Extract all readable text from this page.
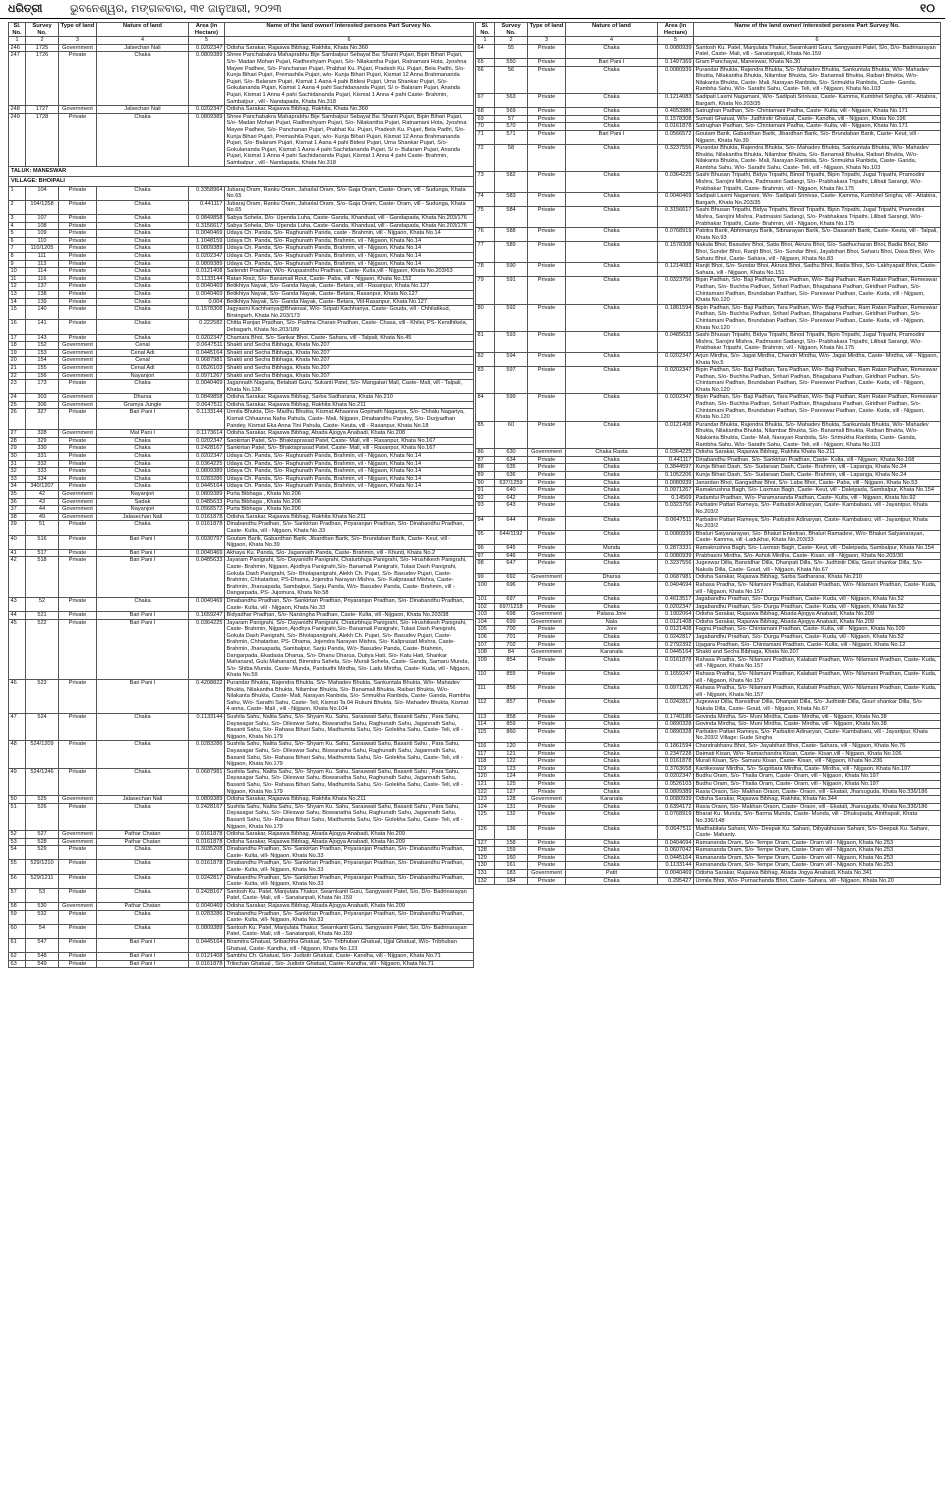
ଧରିତ୍ରୀ	ଭୁବନେଶ୍ୱର, ମଙ୍ଗଳବାର, ୩୧ ଜାନୁଆରୀ, ୨୦୨୩	୧୦
Sl. No.	Survey No.	Type of land	Nature of land	Area (in Hectare)	Name of the land owner/ interested persons Part Survey No.
1	2	3	4	5	6
246	1725	Government	Jalsechan Nali	0.0202347	Odisha Sarakar, Rajaswa Bibhag, Rakhita, Khata No.360
247	1726	Private	Chaka	0.0809389	Shree Panchabakra Mahaprabhu Bije Sambalpur Sebayat Ba: Shanti Pujari, Bipin Bihari Pujari, S/o- Madan Mohan Pujari, Radheshyam Pujari, S/o- Nilakantha Pujari, Ratnamani Hota, Jyoshna Mayee Padhee, S/o- Panchanan Pujari, Prabhat Ku. Pujari, Pradesh Ku. Pujari, Bela Padhi, S/o- Kunja Bihari Pujari, Premashila Pujari, w/o- Kunja Bihari Pujari, Kismat 12 Anna Brahmananda Pujari, S/o- Balaram Pujari, Kismat 1 Aana 4 pahi Bidesi Pujari, Uma Shankar Pujari, S/o- Gokulananda Pujari, Kismat 1 Aana 4 pahi Sachidananda Pujari, S/ o- Balaram Pujari, Ananda Pujari, Kismat 1 Anna 4 pahi Sachidananda Pujari, Kismat 1 Anna 4 pahi Caste- Brahmin, Sambalpur , vill - Nandapada, Khata No.318
248	1727	Government	Jalsechan Nali	0.0202347	Odisha Sarakar, Rajaswa Bibhag, Rakhita, Khata No.360
249	1728	Private	Chaka	0.0809389	Shree Panchabakra Mahaprabhu Bije Sambalpur Sebayat Ba: Shanti Pujari, Bipin Bihari Pujari, S/o- Madan Mohan Pujari, Radheshyam Pujari, S/o- Nilakantha Pujari, Ratnamani Hota, Jyoshna Mayee Padhee, S/o- Panchanan Pujari, Prabhat Ku. Pujari, Pradesh Ku. Pujari, Bela Padhi, S/o- Kunja Bihari Pujari, Premashila Pujari, w/o- Kunja Bihari Pujari, Kismat 12 Anna Brahmananda Pujari, S/o- Balaram Pujari, Kismat 1 Aana 4 pahi Bidesi Pujari, Uma Shankar Pujari, S/o- Gokulananda Pujari, Kismat 1 Aana 4 pahi Sachidananda Pujari, S/ o- Balaram Pujari, Ananda Pujari, Kismat 1 Anna 4 pahi Sachidananda Pujari, Kismat 1 Anna 4 pahi Caste- Brahmin, Sambalpur , vill - Nandapada, Khata No.318
TALUK: MANESWAR					
VILLAGE: BHOIPALI					
1	104	Private	Chaka	0.3358964	Jubaraj Oram, Ranku Oram, Jaharlal Oram, S/o- Gaja Oram, Caste- Oram, vill - Sudunga, Khata No.65
2	104/1258	Private	Chaka	0.441117	Jubaraj Oram, Ranku Oram, Jaharlal Oram, S/o- Gaja Oram, Caste- Oram, vill - Sudunga, Khata No.65
3	107	Private	Chaka	0.0849858	Sabya Sohela, D/o- Upenda Luha, Caste- Ganda, Khandual, vill - Gandapada, Khata No.203/176
4	108	Private	Chaka	0.3156617	Sabya Sohela, D/o- Upenda Luha, Caste- Ganda, Khandual, vill - Gandapada, Khata No.203/176
5	109	Private	Chaka	0.0040469	Udaya Ch. Panda, S/o- Raghunath Panda, caste - Brahmin, vill - Nijgaon, Khata No.14
6	110	Private	Chaka	1.1048159	Udaya Ch. Panda, S/o- Raghunath Panda, Brahmin, vil - Nijgaon, Khata No.14
7	110/1205	Private	Chaka	0.0809389	Udaya Ch. Panda, S/o- Raghunath Panda, Brahmin, vil - Nijgaon, Khata No.14
8	111	Private	Chaka	0.0202347	Udaya Ch. Panda, S/o- Raghunath Panda, Brahmin, vil - Nijgaon, Khata No.14
9	113	Private	Chaka	0.0809389	Udaya Ch. Panda, S/o- Raghunath Panda, Brahmin, vil - Nijgaon, Khata No.14
10	114	Private	Chaka	0.0121408	Sailendri Pradhan, W/o- Krupasindhu Pradhan, Caste- Kulta,vill - Nijgaon, Khata No.203/63
11	116	Private	Chaka	0.1133144	Ratan Rout, S/o- Banamali Rout, Caste- Paba, vill - Nijgaon, Khata No.152
12	137	Private	Chaka	0.0040469	Betikhiya Nayak, S/o- Ganda Nayak, Caste- Betara, vill - Rasanpur, Khata No.127
13	138	Private	Chaka	0.0040469	Betikhiya Nayak, S/o- Ganda Nayak, Caste- Betara, Rasanpur, Khata No.127
14	139	Private	Chaka	0.004	Betikhiya Nayak, S/o- Ganda Nayak, Caste- Betara, Vill-Rasanpur, Khata No.127
15	140	Private	Chaka	0.1578308	Jagyasini Kachhariya@Bhainsal, W/o- Sripati Kachhariya, Caste- Gouda, vill - Chhilatikud, Birsingarh, Khata No.203/173
16	141	Private	Chaka	0.222582	Chitta Ranjan Pradhan, S/o- Padma Charan Pradhan, Caste- Chasa, vill - Khilei, PS- Kendhikela, Debagarh, Khata No.203/189
17	143	Private	Chaka	0.0202347	Chamara Bhoi, S/o- Sankar Bhoi, Caste- Sahara, vill - Talpali, Khata No.45
18	152	Government	Cenal	0.0647511	Shakti and Secha Bibhaga, Khata No.207
19	153	Government	Cenal Adi	0.0445164	Shakti and Secha Bibhaga, Khata No.207
20	154	Government	Cenal	0.0687981	Shakti and Secha Bibhaga, Khata No.207
21	155	Government	Cenal Adi	0.0526103	Shakti and Secha Bibhaga, Khata No.207
22	156	Government	Nayanjori	0.0971267	Shakti and Secha Bibhaga, Khata No.207
23	173	Private	Chaka	0.0040469	Jagannath Nagaria, Belabati Guru, Sukanti Patel, S/o- Mangatari Mali, Caste- Mali, vill - Talpali, Khata No.136
24	303	Government	Dharsa	0.0849858	Odisha Sarakar, Rajaswa Bibhag, Sarba Sadharana, Khata No.210
25	306	Government	Gramya Jungle	0.0647511	Odisha Sarakar, Rajaswa Bibhag, Rakhita Khata No.211
26	327	Private	Bari Pani I	0.1133144	Urmila Bhukta, D/o- Madhu Bhukta, Kismat Athaanna Gopinath Nagariya, S/o- Chhalu Nagariya, Kismat Chhaanna Naha Pahula, Caste- Mali, Nijgaon, Dinabandhu Pandey, S/o- Durjyadhan Pandey, Kismat Eka Anna Tini Pahula, Caste- Keuta, vill - Rasanpur, Khata No.18
27	328	Government	Mal Pani I	0.1173614	Odisha Sarakar, Rajaswa Bibhag, Abada Ajogya Anabadi, Khata No.208
28	329	Private	Chaka	0.0202347	Sankirtan Patel, S/o- Bhaktaprasad Patel, Caste- Mali, vill - Rasanpur, Khata No.167
29	330	Private	Chaka	0.2428167	Sankirtan Patel, S/o- Bhaktaprasad Patel, Caste- Mali, vill - Rasanpur, Khata No.167
30	331	Private	Chaka	0.0202347	Udaya Ch. Panda, S/o- Raghunath Panda, Brahmin, vil - Nijgaon, Khata No.14
31	332	Private	Chaka	0.0364225	Udaya Ch. Panda, S/o- Raghunath Panda, Brahmin, vil - Nijgaon, Khata No.14
32	333	Private	Chaka	0.0809389	Udaya Ch. Panda, S/o- Raghunath Panda, Brahmin, vil - Nijgaon, Khata No.14
33	334	Private	Chaka	0.0283286	Udaya Ch. Panda, S/o- Raghunath Panda, Brahmin, vil - Nijgaon, Khata No.14
34	340/1207	Private	Chaka	0.0445164	Udaya Ch. Panda, S/o- Raghunath Panda, Brahmin, vil - Nijgaon, Khata No.14
35	42	Government	Nayanjori	0.0809389	Purta Bibhaga , Khata No.206
36	43	Government	Sadak	0.0485633	Purta Bibhaga , Khata No.206
37	44	Government	Nayanjori	0.0566572	Purta Bibhaga , Khata No.206
38	49	Government	Jalasechan Nali	0.0161878	Odisha Sarakar, Rajaswa Bibhag, Rakhita Khata No.211
39	51	Private	Chaka	0.0161878	Dinabandhu Pradhan, S/o- Sankirtan Pradhan, Priyaranjan Pradhan, S/o- Dinabandhu Pradhan, Caste- Kulta, vill - Nijgaon, Khata No.33
40	516	Private	Bari Pani I	0.0930797	Goutam Barik, Gabardhan Barik, Jibardhan Barik, S/o- Brundaban Barik, Caste- Keut, vill - Nijgaon, Khata No.39
41	517	Private	Bari Pani I	0.0040469	Akhaya Ku. Panda, S/o- Jagannath Panda, Caste- Brahmin, vill - Khunti, Khata No.2
42	518	Private	Bari Pani I	0.0485633	Jayaram Panigrahi, S/o- Dayanidhi Panigrahi, Chaturbhuja Panigrahi, S/o- Hrushikesh Panigrahi, Caste- Brahmin, Nijgaon, Ajodhya Panigrahi,S/o- Banamali Panigrahi, Tulasi Dash Panigrahi, Gokula Dash Panigrahi, S/o- Bholapanigrahi, Alekh Ch. Pujari, S/o- Basudev Pujari, Caste- Brahmin, Chhatarbar, PS-Dhama, Jojendra Narayan Mishra, S/o- Kaliprasad Mishra, Caste- Brahmin, Jharuapada, Sambalpur, Sarju Panda, W/o- Basudev Panda, Caste- Brahmin, vill - Dangarpada, PS- Jujomura, Khata No.58
43	52	Private	Chaka	0.0040469	Dinabandhu Pradhan, S/o- Sankirtan Pradhan, Priyaranjan Pradhan, S/o- Dinabandhu Pradhan, Caste- Kulta, vill - Nijgaon, Khata No.33
44	521	Private	Bari Pani I	0.1659247	Bidyadhar Pradhan, S/o- Narsingha Pradhan, Caste- Kulta, vill -Nijgaon, Khata No.203/38
45	522	Private	Bari Pani I	0.0364225	Jayaram Panigrahi, S/o- Dayanidhi Panigrahi, Chaturbhuja Panigrahi, S/o- Hrushikesh Panigrahi, Caste- Brahmin, Nijgaon, Ajodhya Panigrahi,S/o- Banamali Panigrahi, Tulasi Dash Panigrahi, Gokula Dash Panigrahi, S/o- Bholapanigrahi, Alekh Ch. Pujari, S/o- Basudev Pujari, Caste- Brahmin, Chhatarbar, PS- Dhama, Jojendra Narayan Mishra, S/o- Kaliprasad Mishra, Caste- Brahmin, Jharuapada, Sambalpur, Sarju Panda, W/o- Basudev Panda, Caste- Brahmin, Dangarpada, Ekadasia Dharua, S/o- Dhanu Dharua, Dutiya Hati, S/o- Katu Hati, Shankar Mahanand, Gulu Mahanand, Birendra Sahela, S/o- Murali Sohela, Caste- Ganda, Samaru Munda, S/o- Shiba Munda, Caste- Munda, Panbudhi Mirdha, S/o- Ladu Mirdha, Caste- Kuda, vill - Nijgaon, Khata No.59
46	523	Private	Bari Pani I	0.4208822	Purandar Bhukta, Rajendra Bhukta, S/o- Mahadev Bhukta, Sankuntala Bhukta, W/o- Mahadev Bhukta, Nilakantha Bhukta, Nilambar Bhukta, S/o- Banamali Bhukta, Raibari Bhukta, W/o- Nilakanta Bhukta, Caste- Mali, Narayan Ranbida, S/o- Srimukha Ranbida, Caste- Ganda, Rambha Sahu, W/o- Sarathi Sahu, Caste- Teli, Kismat Ta 04 Rukuni Bhukta, S/o- Mahadev Bhukta, Kismat 4 anna, Caste- Mali , vill - Nijgaon, Khata No.104
47	524	Private	Chaka	0.1133144	Sushila Sahu, Nalita Sahu, S/o- Shyam Ku. Sahu, Saraswati Sahu, Basanti Sahu , Para Sahu, Dayasagar Sahu, S/o- Dileswar Sahu, Biswanatha Sahu, Raghunath Sahu, Jagannath Sahu, Basanti Sahu, S/o- Rahasa Bihari Sahu, Madhumita Sahu, S/o- Golekha Sahu, Caste- Teli, vill - Nijgaon, Khata No.179
48	524/1209	Private	Chaka	0.0283286	Sushila Sahu, Nalita Sahu, S/o- Shyam Ku. Sahu, Saraswati Sahu, Basanti Sahu , Para Sahu, Dayasagar Sahu, S/o- Dileswar Sahu, Biswanatha Sahu, Raghunath Sahu, Jagannath Sahu, Basanti Sahu, S/o- Rahasa Bihari Sahu, Madhumita Sahu, S/o- Golekha Sahu, Caste- Teli, vill - Nijgaon, Khata No.179
49	524/1246	Private	Chaka	0.0687981	Sushila Sahu, Nalita Sahu, S/o- Shyam Ku. Sahu, Saraswati Sahu, Basanti Sahu , Para Sahu, Dayasagar Sahu, S/o- Dileswar Sahu, Biswanatha Sahu, Raghunath Sahu, Jagannath Sahu, Basanti Sahu, S/o- Rahasa Bihari Sahu, Madhumita Sahu, S/o- Golekha Sahu, Caste- Teli, vill - Nijgaon, Khata No.179
50	525	Government	Jalasechan Nali	0.0809389	Odisha Sarakar, Rajaswa Bibhag, Rakhita Khata No.211
51	526	Private	Chaka	0.2428167	Sushila Sahu, Nalita Sahu, S/o- Shyam Ku. Sahu, Saraswati Sahu, Basanti Sahu , Para Sahu, Dayasagar Sahu, S/o- Dileswar Sahu, Biswanatha Sahu, Raghunath Sahu, Jagannath Sahu, Basanti Sahu, S/o- Rahasa Bihari Sahu, Madhumita Sahu, S/o- Golekha Sahu, Caste- Teli, vill - Nijgaon, Khata No.179
52	527	Government	Pathar Chatan	0.0161878	Odisha Sarakar, Rajaswa Bibhag, Abada Ajogya Anabadi, Khata No.209
53	528	Government	Pathar Chatan	0.0161878	Odisha Sarakar, Rajaswa Bibhag, Abada Ajogya Anabadi, Khata No.209
54	529	Private	Chaka	0.3035208	Dinabandhu Pradhan, S/o- Sankirtan Pradhan, Priyaranjan Pradhan, S/o- Dinabandhu Pradhan, Caste- Kulta, vill- Nijgaon, Khata No.33
55	529/1210	Private	Chaka	0.0161878	Dinabandhu Pradhan, S/o- Sankirtan Pradhan, Priyaranjan Pradhan, S/o- Dinabandhu Pradhan, Caste- Kulta, vill- Nijgaon, Khata No.33
56	529/1211	Private	Chaka	0.0242817	Dinabandhu Pradhan, S/o- Sankirtan Pradhan, Priyaranjan Pradhan, S/o- Dinabandhu Pradhan, Caste- Kulta, vill- Nijgaon, Khata No.33
57	53	Private	Chaka	0.2428167	Santosh Ku. Patel, Manjulata Thakur, Swarnkanti Guru, Sangyasini Patel, S/o, D/o- Badrinarayan Patel, Caste- Mali, vill - Sanatanpali, Khata No.159
58	530	Government	Pathar Chatan	0.0040469	Odisha Sarakar, Rajaswa Bibhag, Abada Ajogya Anabadi, Khata No.209
59	532	Private	Chaka	0.0283286	Dinabandhu Pradhan, S/o- Sankirtan Pradhan, Priyaranjan Pradhan, S/o- Dinabandhu Pradhan, Caste- Kulta, vill- Nijgaon, Khata No.33
60	54	Private	Chaka	0.0809389	Santosh Ku. Patel, Manjulata Thakur, Swarnkanti Guru, Sangyasini Patel, S/o, D/o- Badrinarayan Patel, Caste- Mali, vill - Sanatanpali, Khata No.159
61	547	Private	Bari Pani I	0.0445164	Biramitra Ghatual, Sribachha Ghatual, S/o- Tribhuban Ghatual, Ujjal Ghatual, W/o- Tribhuban Ghatual, Caste- Kandha, vill - Nijgaon, Khata No.123
62	548	Private	Bari Pani I	0.0121408	Sambhu Ch. Ghatual, S/o- Judistir Ghatual, Caste- Kandha, vill - Nijgaon, Khata No.71
63	549	Private	Bari Pani I	0.0161878	Trilochan Ghatual , S/o- Judistir Ghatual, Caste- Kandha, vill - Nijgaon, Khata No.71
Sl. No.	Survey No.	Type of land	Nature of land	Area (in Hectare)	Name of the land owner/ interested persons Part Survey No.
1	2	3	4	5	6
64	55	Private	Chaka	0.0080939	Santosh Ku. Patel, Manjulata Thakur, Swarnkanti Guru, Sangyasini Patel, S/o, D/o- Badrinarayan Patel, Caste- Mali, vill - Sanatanpali, Khata No.159
65	550	Private	Bari Pani I	0.1497369	Gram Panchayat, Maneswar, Khata No.30
66	56	Private	Chaka	0.0080939	Purandar Bhukta, Rajendra Bhukta, S/o- Mahadev Bhukta, Sankuntala Bhukta, W/o- Mahadev Bhukta, Nilakantha Bhukta, Nilambar Bhukta, S/o- Banamali Bhukta, Raibari Bhukta, W/o- Nilakanta Bhukta, Caste- Mali, Narayan Ranbida, S/o- Srimukha Ranbida, Caste- Ganda, Rambha Sahu, W/o- Sarathi Sahu, Caste- Teli, vill - Nijgaon, Khata No.103
67	563	Private	Chaka	0.1214083	Sadipati Laxmi Nagamani, W/o- Sadipati Srinivas, Caste- Kamma, Kumbhel Singha, vill - Attabira, Bargarh, Khata No.203/35
68	569	Private	Chaka	0.4653986	Satrughan Padhan, S/o- Chintamani Padha, Caste- Kulta, vill - Nijgaon, Khata No.171
69	57	Private	Chaka	0.1578308	Sumati Ghatual, W/o- Judhirstir Ghatual, Caste- Kandha, vill - Nijgaon, Khata No.196
70	570	Private	Chaka	0.0161878	Satrughan Padhan, S/o- Chintamani Padha, Caste- Kulta, vill - Nijgaon, Khata No.171
71	571	Private	Bari Pani I	0.0566572	Goutam Barik, Gabardhan Barik, Jibardhan Barik, S/o- Brundaban Barik, Caste- Keut, vill - Nijgaon, Khata No.39
72	58	Private	Chaka	0.3237556	Purandar Bhukta, Rajendra Bhukta, S/o- Mahadev Bhukta, Sankuntala Bhukta, W/o- Mahadev Bhukta, Nilakantha Bhukta, Nilambar Bhukta, S/o- Banamali Bhukta, Raibari Bhukta, W/o- Nilakanta Bhukta, Caste- Mali, Narayan Ranbida, S/o- Srimukha Ranbida, Caste- Ganda, Rambha Sahu, W/o- Sarathi Sahu, Caste- Teli, vill - Nijgaon, Khata No.103
73	582	Private	Chaka	0.0364225	Sashi Bhusan Tripathi, Bidya Tripathi, Binod Tripathi, Bipin Tripathi, Jugal Tripathi, Pramodini Mishra, Sarojini Mishra, Padmasini Sadangi, S/o- Prabhakara Tripathi, Lilibati Sarangi, W/o- Prabhakar Tripathi, Caste- Brahmin, vill - Nijgaon, Khata No.175
74	583	Private	Chaka	0.0040469	Sadipati Laxmi Nagamani, W/o- Sadipati Srinivas, Caste- Kamma, Kumbhel Singha, vill - Attabira, Bargarh, Khata No.203/35
75	584	Private	Chaka	0.3156617	Sashi Bhusan Tripathi, Bidya Tripathi, Binod Tripathi, Bipin Tripathi, Jugal Tripathi, Pramodini Mishra, Sarojini Mishra, Padmasini Sadangi, S/o- Prabhakara Tripathi, Lilibati Sarangi, W/o- Prabhakar Tripathi, Caste- Brahmin, vill - Nijgaon, Khata No.175
76	588	Private	Chaka	0.0768919	Pabitra Barik, Abhimanyu Barik, Sibnarayan Barik, S/o- Dasarath Barik, Caste- Keuta, vill - Talpali, Khata No.93
77	589	Private	Chaka	0.1578308	Nakula Bhoi, Basudev Bhoi, Satia Bhoi, Akrura Bhoi, S/o- Sadhucharan Bhoi, Badia Bhoi, Bito Bhoi, Sunder Bhoi, Ranjit Bhoi, S/o- Sundar Bhoi, Jayabihari Bhoi, Saharu Bhoi, Dasa Bhoi, W/o- Saharu Bhoi, Caste- Sahara, vill - Nijgaon, Khata No.83
78	590	Private	Chaka	0.1214083	Ranjit Bhoi, S/o- Sundar Bhoi, Akrura Bhoi, Sadhu Bhoi, Badia Bhoi, S/o- Lakhyapati Bhoi, Caste- Sahara, vill - Nijgaon, Khata No.151
79	591	Private	Chaka	0.0323756	Bipin Padhan, S/o- Baji Padhan, Tara Padhan, W/o- Baji Padhan, Ram Ratan Padhan, Remeswar Padhan, S/o- Buchha Padhan, Sriharl Padhan, Bhagabana Padhan, Giridhari Padhan, S/o- Chintamani Padhan, Brundaban Padhan, S/o- Pareswar Padhan, Caste- Kuda, vill - Nijgaon, Khata No.120
80	592	Private	Chaka	0.1861594	Bipin Padhan, S/o- Baji Padhan, Tara Padhan, W/o- Baji Padhan, Ram Ratan Padhan, Remeswar Padhan, S/o- Buchha Padhan, Sriharl Padhan, Bhagabana Padhan, Giridhari Padhan, S/o- Chintamani Padhan, Brundaban Padhan, S/o- Pareswar Padhan, Caste- Kuda, vill - Nijgaon, Khata No.120
81	593	Private	Chaka	0.0485633	Sashi Bhusan Tripathi, Bidya Tripathi, Binod Tripathi, Bipin Tripathi, Jugal Tripathi, Pramodini Mishra, Sarojini Mishra, Padmasini Sadangi, S/o- Prabhakara Tripathi, Lilibati Sarangi, W/o- Prabhakar Tripathi, Caste- Brahmin, vill - Nijgaon, Khata No.175
82	594	Private	Chaka	0.0202347	Arjun Mirdha, S/o- Jagat Mirdha, Chandri Mirdha, W/o- Jagat Mirdha, Caste- Mirdha, vill - Nijgaon, Khata No.5
83	597	Private	Chaka	0.0202347	Bipin Padhan, S/o- Baji Padhan, Tara Padhan, W/o- Baji Padhan, Ram Ratan Padhan, Remeswar Padhan, S/o- Buchha Padhan, Sriharl Padhan, Bhagabana Padhan, Giridhari Padhan, S/o- Chintamani Padhan, Brundaban Padhan, S/o- Pareswar Padhan, Caste- Kuda, vill - Nijgaon, Khata No.120
84	599	Private	Chaka	0.0202347	Bipin Padhan, S/o- Baji Padhan, Tara Padhan, W/o- Baji Padhan, Ram Ratan Padhan, Remeswar Padhan, S/o- Buchha Padhan, Sriharl Padhan, Bhagabana Padhan, Giridhari Padhan, S/o- Chintamani Padhan, Brundaban Padhan, S/o- Pareswar Padhan, Caste- Kuda, vill - Nijgaon, Khata No.120
85	60	Private	Chaka	0.0121408	Purandar Bhukta, Rajendra Bhukta, S/o- Mahadev Bhukta, Sankuntala Bhukta, W/o- Mahadev Bhukta, Nilakantha Bhukta, Nilambar Bhukta, S/o- Banamali Bhukta, Raibari Bhukta, W/o- Nilakanta Bhukta, Caste- Mali, Narayan Ranbida, S/o- Srimukha Ranbida, Caste- Ganda, Rambha Sahu, W/o- Sarathi Sahu, Caste- Teli, vill - Nijgaon, Khata No.103
86	630	Government	Chaka Rasta	0.0364225	Odisha Sarakar, Rajaswa Bibhag, Rakhita Khata No.211
87	634	Private	Chaka	0.441117	Dinabandhu Pradhan, S/o- Sankirtan Pradhan, Caste- Kulta, vill - Nijgaon, Khata No.168
88	635	Private	Chaka	0.3844597	Kunja Bihari Dash, S/o- Sudarsan Dash, Caste- Brahmin, vill - Lapanga, Khata No.24
89	636	Private	Chaka	0.1052206	Kunja Bihari Dash, S/o- Sudarsan Dash, Caste- Brahmin, vill - Lapanga, Khata No.24
90	637/1259	Private	Chaka	0.0080939	Janardan Bhoi, Gangadhar Bhoi, S/o- Laba Bhoi, Caste- Paba, vill - Nijgaon, Khata No.53
91	640	Private	Chaka	0.0971267	Ramakrushna Bagh, S/o- Laxman Bagh, Caste- Keut, vill - Daleipada, Sambalpur, Khata No.154
92	642	Private	Chaka	0.14569	Padamlui Pradhan, W/o- Paramananda Padhan, Caste- Kulta, vill - Nijgaon, Khata No.92
93	643	Private	Chaka	0.0323756	Parbatini Pattari Rameya, S/o- Parbatini Adinaryan, Caste- Kambabaru, vill - Jayantpur, Khata No.203/2
94	644	Private	Chaka	0.0647511	Parbatini Pattari Rameya, S/o- Parbatini Adinaryan, Caste- Kambabaru, vill - Jayantpur, Khata No.203/2
95	644/1192	Private	Chaka	0.0080939	Bhaluri Satyanarayan, S/o- Bhaluri Enketrao, Bhaluri Ramadevi, W/o- Bhaluri Satyanarayan, Caste- Kamma, vill -Ladukhai, Khata No.203/33
96	645	Private	Munda	0.2873331	Ramakrushna Bagh, S/o- Laxman Bagh, Caste- Keut, vill - Daleipada, Sambalpur, Khata No.154
97	646	Private	Chaka	0.0080939	Prabhasini Mirdha, S/o- Ashok Mirdha, Caste- Kisan, vill - Nijgaon, Khata No.203/30
98	647	Private	Chaka	0.3237556	Jugeswar Dilla, Bansidhar Dilla, Dhanpati Dilla, S/o- Judhistir Dilla, Gouri shankar Dilla, S/o- Nakula Dilla, Caste- Goud, vill - Nijgaon, Khata No.67
99	692	Government	Dharsa	0.0687981	Odisha Sarakar, Rajaswa Bibhag, Sarba Sadharana, Khata No.210
100	696	Private	Chaka	0.0404694	Rahasa Pradha, S/o- Nilamani Pradhan, Kalabati Pradhan, W/o- Nilamani Pradhan, Caste- Kuda, vill - Nijgaon, Khata No.157
101	697	Private	Chaka	0.4613517	Jagabandhu Pradhan, S/o- Durga Pradhan, Caste- Kuda, vill - Nijgaon, Khata No.52
102	697/1218	Private	Chaka	0.0202347	Jagabandhu Pradhan, S/o- Durga Pradhan, Caste- Kuda, vill - Nijgaon, Khata No.52
103	698	Government	Palasa Jore	0.1902064	Odisha Sarakar, Rajaswa Bibhag, Abada Ajogya Anabadi, Khata No.209
104	699	Government	Nala	0.0121408	Odisha Sarakar, Rajaswa Bibhag, Abada Ajogya Anabadi, Khata No.209
105	700	Private	Jore	0.0121408	Fagnu Pradhan, S/o- Chintamani Pradhan, Caste- Kulta, vill - Nijgaon, Khata No.109
106	701	Private	Chaka	0.0242817	Jagabandhu Pradhan, S/o- Durga Pradhan, Caste- Kuda, vill - Nijgaon, Khata No.52
107	702	Private	Chaka	0.2792392	Ujagara Pradhan, S/o- Chintamani Pradhan, Caste- Kulta, vill - Nijgaon, Khata No.12
108	84	Government	Karanala	0.0445164	Shakti and Secha Bibhaga, Khata No.207
109	854	Private	Chaka	0.0161878	Rahasa Pradha, S/o- Nilamani Pradhan, Kalabati Pradhan, W/o- Nilamani Pradhan, Caste- Kuda, vill - Nijgaon, Khata No.157
110	855	Private	Chaka	0.1659247	Rahasa Pradha, S/o- Nilamani Pradhan, Kalabati Pradhan, W/o- Nilamani Pradhan, Caste- Kuda, vill - Nijgaon, Khata No.157
111	856	Private	Chaka	0.0971267	Rahasa Pradha, S/o- Nilamani Pradhan, Kalabati Pradhan, W/o- Nilamani Pradhan, Caste- Kuda, vill - Nijgaon, Khata No.157
112	857	Private	Chaka	0.0242817	Jugeswar Dilla, Bansidhar Dilla, Dhanpati Dilla, S/o- Judhistir Dilla, Gouri shankar Dilla, S/o- Nakula Dilla, Caste- Goud, vill - Nijgaon, Khata No.67
113	858	Private	Chaka	0.1740186	Govinda Mirdha, S/o- Muni Mirdha, Caste- Mirdha, vill - Nijgaon, Khata No.38
114	859	Private	Chaka	0.0890328	Govinda Mirdha, S/o- Muni Mirdha, Caste- Mirdha, vill - Nijgaon, Khata No.38
115	860	Private	Chaka	0.0890328	Parbatini Pattari Rameya, S/o- Parbatini Adinaryan, Caste- Kambabaru, vill - Jayantpur, Khata No.203/2 Village: Gude Singha
116	120	Private	Chaka	0.1861594	Chandrabhanu Bhoi, S/o- Jayabihari Bhoi, Caste- Sahara, vill - Nijgaon, Khata No.76
117	121	Private	Chaka	0.2347228	Daimati Kisan, W/o- Ramachandra Kisan, Caste- Kisan,vill - Nijgaon, Khata No.106
118	122	Private	Chaka	0.0161878	Murali Kisan, S/o- Samaru Kisan, Caste- Kisan, vill - Nijgaon, Khata No.236
119	123	Private	Chaka	0.3763658	Kartikeswar Mirdha, S/o- Sugribara Mirdha, Caste- Mirdha, vill - Nijgaon, Khata No.107
120	124	Private	Chaka	0.0202347	Budhu Oram, S/o- Thaila Oram, Caste- Oram, vill - Nijgaon, Khata No.197
121	125	Private	Chaka	0.0526103	Budhu Oram, S/o- Thaila Oram, Caste- Oram, vill - Nijgaon, Khata No.197
122	127	Private	Chaka	0.0809389	Rasia Oraon, S/o- Makhan Oraon, Caste- Oraon, vill - Ekatali, Jharsuguda, Khata No.336/186
123	128	Government	Karanala	0.0080939	Odisha Sarakar, Rajaswa Bibhag, Rakhita, Khata No.344
124	131	Private	Chaka	0.6394172	Rasia Oraon, S/o- Makhan Oraon, Caste- Oraon, vill - Ekatali, Jharsuguda, Khata No.336/186
125	132	Private	Chaka	0.0768919	Bharat Ku. Munda, S/o- Barma Munda, Caste- Munda, vill - Dhukupada, Ainthapali, Khata No.336/148
126	136	Private	Chaka	0.0647511	Madhabilata Sahani, W/o- Deepak Ku. Sahani, Dibyabhusan Sahani, S/o- Deepak Ku. Sahani, Caste- Mahanty.
127	158	Private	Chaka	0.0404694	Ramananda Oram, S/o- Tempe Oram, Caste- Oram vill - Nijgaon, Khata No.253
128	159	Private	Chaka	0.0607042	Ramananda Oram, S/o- Tempe Oram, Caste- Oram vill - Nijgaon, Khata No.253
129	160	Private	Chaka	0.0445164	Ramananda Oram, S/o- Tempe Oram, Caste- Oram vill - Nijgaon, Khata No.253
130	161	Private	Chaka	0.1133144	Ramananda Oram, S/o- Tempe Oram, Caste- Oram vill - Nijgaon, Khata No.253
131	183	Government	Patit	0.0040469	Odisha Sarakar, Rajaswa Bibhag, Abada Jogya Anabadi, Khata No.341
132	184	Private	Chaka	0.295427	Urmila Bhoi, W/o- Purnachanda Bhoi, Caste- Sahara, vill - Nijgaon, Khata No.20
